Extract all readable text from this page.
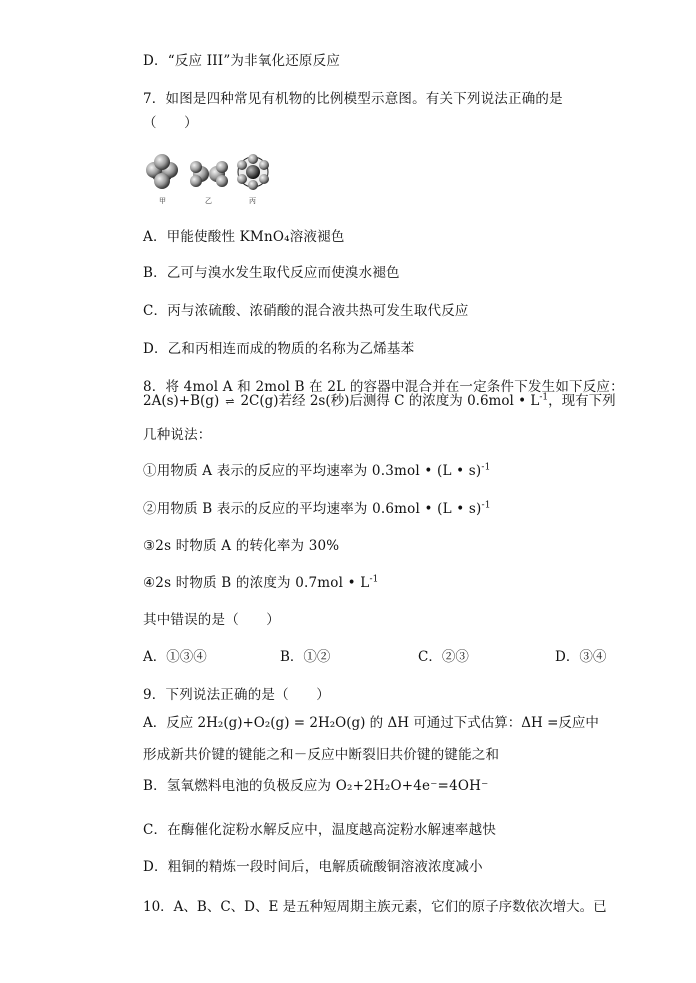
D．“反应 III”为非氧化还原反应
7．如图是四种常见有机物的比例模型示意图。有关下列说法正确的是
（　　）
甲	乙	丙
A．甲能使酸性 KMnO₄溶液褪色
B．乙可与溴水发生取代反应而使溴水褪色
C．丙与浓硫酸、浓硝酸的混合液共热可发生取代反应
D．乙和丙相连而成的物质的名称为乙烯基苯
8．将 4mol A 和 2mol B 在 2L 的容器中混合并在一定条件下发生如下反应：
2A(s)+B(g) ⇌ 2C(g)若经 2s(秒)后测得 C 的浓度为 0.6mol • $L^{-1}$，现有下列
几种说法：
①用物质 A 表示的反应的平均速率为 0.3mol • (L • s)$^{-1}$
②用物质 B 表示的反应的平均速率为 0.6mol • (L • s)$^{-1}$
③2s 时物质 A 的转化率为 30%
④2s 时物质 B 的浓度为 0.7mol • $L^{-1}$
其中错误的是（　　）
A．①③④	B．①②	C．②③	D．③④
9．下列说法正确的是（　　）
A．反应 2H₂(g)+O₂(g) = 2H₂O(g) 的 ΔH 可通过下式估算：ΔH =反应中
形成新共价键的键能之和－反应中断裂旧共价键的键能之和
B．氢氧燃料电池的负极反应为 O₂+2H₂O+4e⁻=4OH⁻
C．在酶催化淀粉水解反应中，温度越高淀粉水解速率越快
D．粗铜的精炼一段时间后，电解质硫酸铜溶液浓度减小
10．A、B、C、D、E 是五种短周期主族元素，它们的原子序数依次增大。已
